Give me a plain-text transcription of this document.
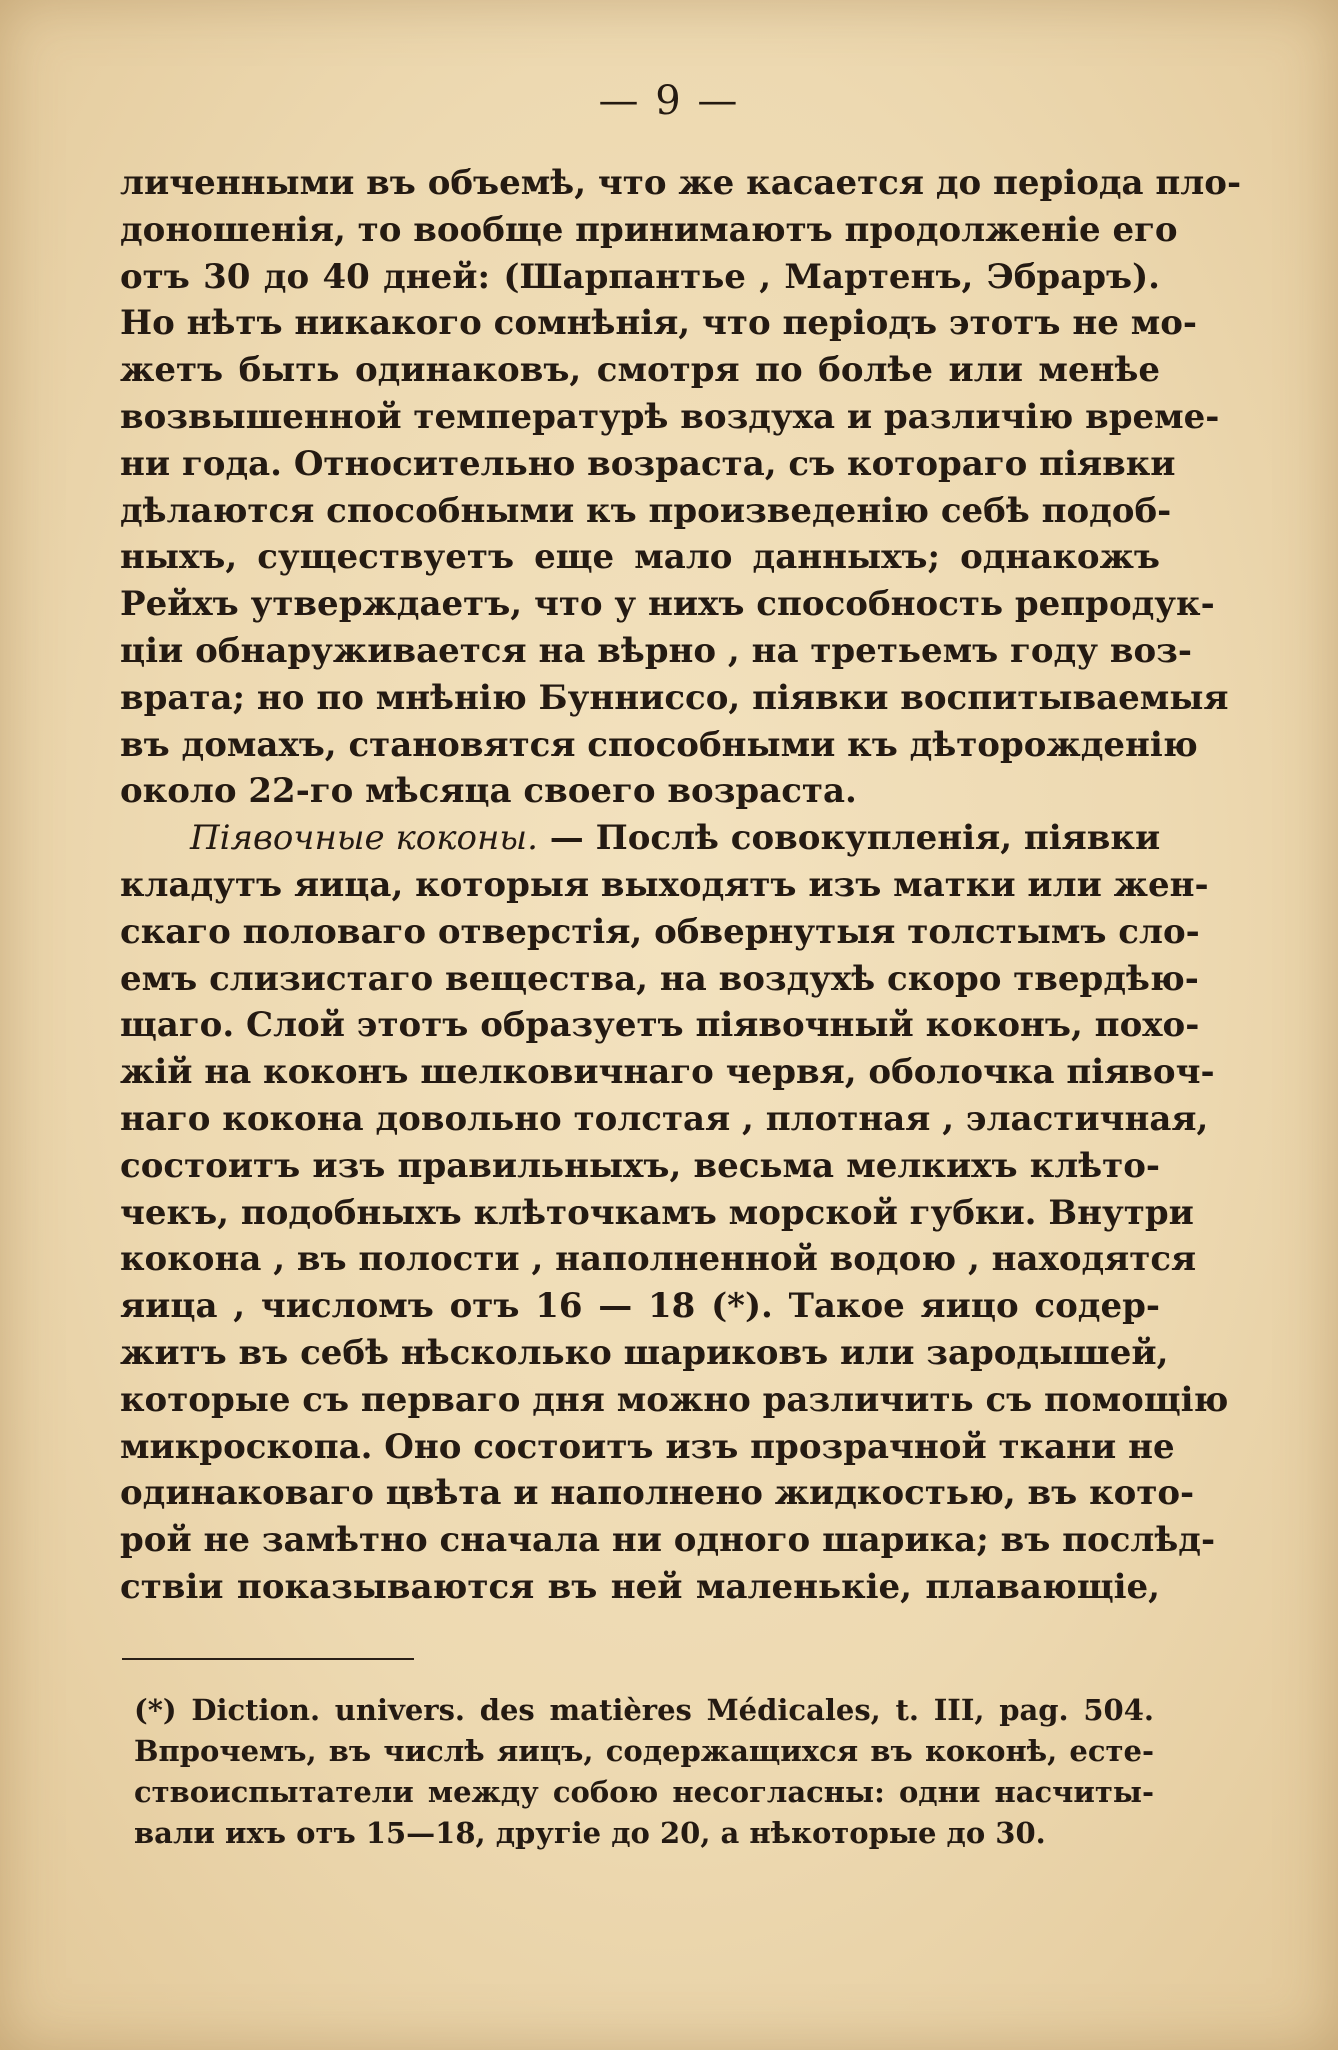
— 9 —
личенными въ объемѣ, что же касается до періода пло-
доношенія, то вообще принимаютъ продолженіе его
отъ 30 до 40 дней: (Шарпантье , Мартенъ, Эбраръ).
Но нѣтъ никакого сомнѣнія, что періодъ этотъ не мо-
жетъ быть одинаковъ, смотря по болѣе или менѣе
возвышенной температурѣ воздуха и различію време-
ни года. Относительно возраста, съ котораго піявки
дѣлаются способными къ произведенію себѣ подоб-
ныхъ, существуетъ еще мало данныхъ; однакожъ
Рейхъ утверждаетъ, что у нихъ способность репродук-
ціи обнаруживается на вѣрно , на третьемъ году воз-
врата; но по мнѣнію Бунниссо, піявки воспитываемыя
въ домахъ, становятся способными къ дѣторожденію
около 22-го мѣсяца своего возраста.
Піявочные коконы. — Послѣ совокупленія, піявки
кладутъ яица, которыя выходятъ изъ матки или жен-
скаго половаго отверстія, обвернутыя толстымъ сло-
емъ слизистаго вещества, на воздухѣ скоро твердѣю-
щаго. Слой этотъ образуетъ піявочный коконъ, похо-
жій на коконъ шелковичнаго червя, оболочка піявоч-
наго кокона довольно толстая , плотная , эластичная,
состоитъ изъ правильныхъ, весьма мелкихъ клѣто-
чекъ, подобныхъ клѣточкамъ морской губки. Внутри
кокона , въ полости , наполненной водою , находятся
яица , числомъ отъ 16 — 18 (*). Такое яицо содер-
житъ въ себѣ нѣсколько шариковъ или зародышей,
которые съ перваго дня можно различить съ помощію
микроскопа. Оно состоитъ изъ прозрачной ткани не
одинаковаго цвѣта и наполнено жидкостью, въ кото-
рой не замѣтно сначала ни одного шарика; въ послѣд-
ствіи показываются въ ней маленькіе, плавающіе,
(*) Diction. univers. des matières Médicales, t. III, pag. 504.
Впрочемъ, въ числѣ яицъ, содержащихся въ коконѣ, есте-
ствоиспытатели между собою несогласны: одни насчиты-
вали ихъ отъ 15—18, другіе до 20, а нѣкоторые до 30.
